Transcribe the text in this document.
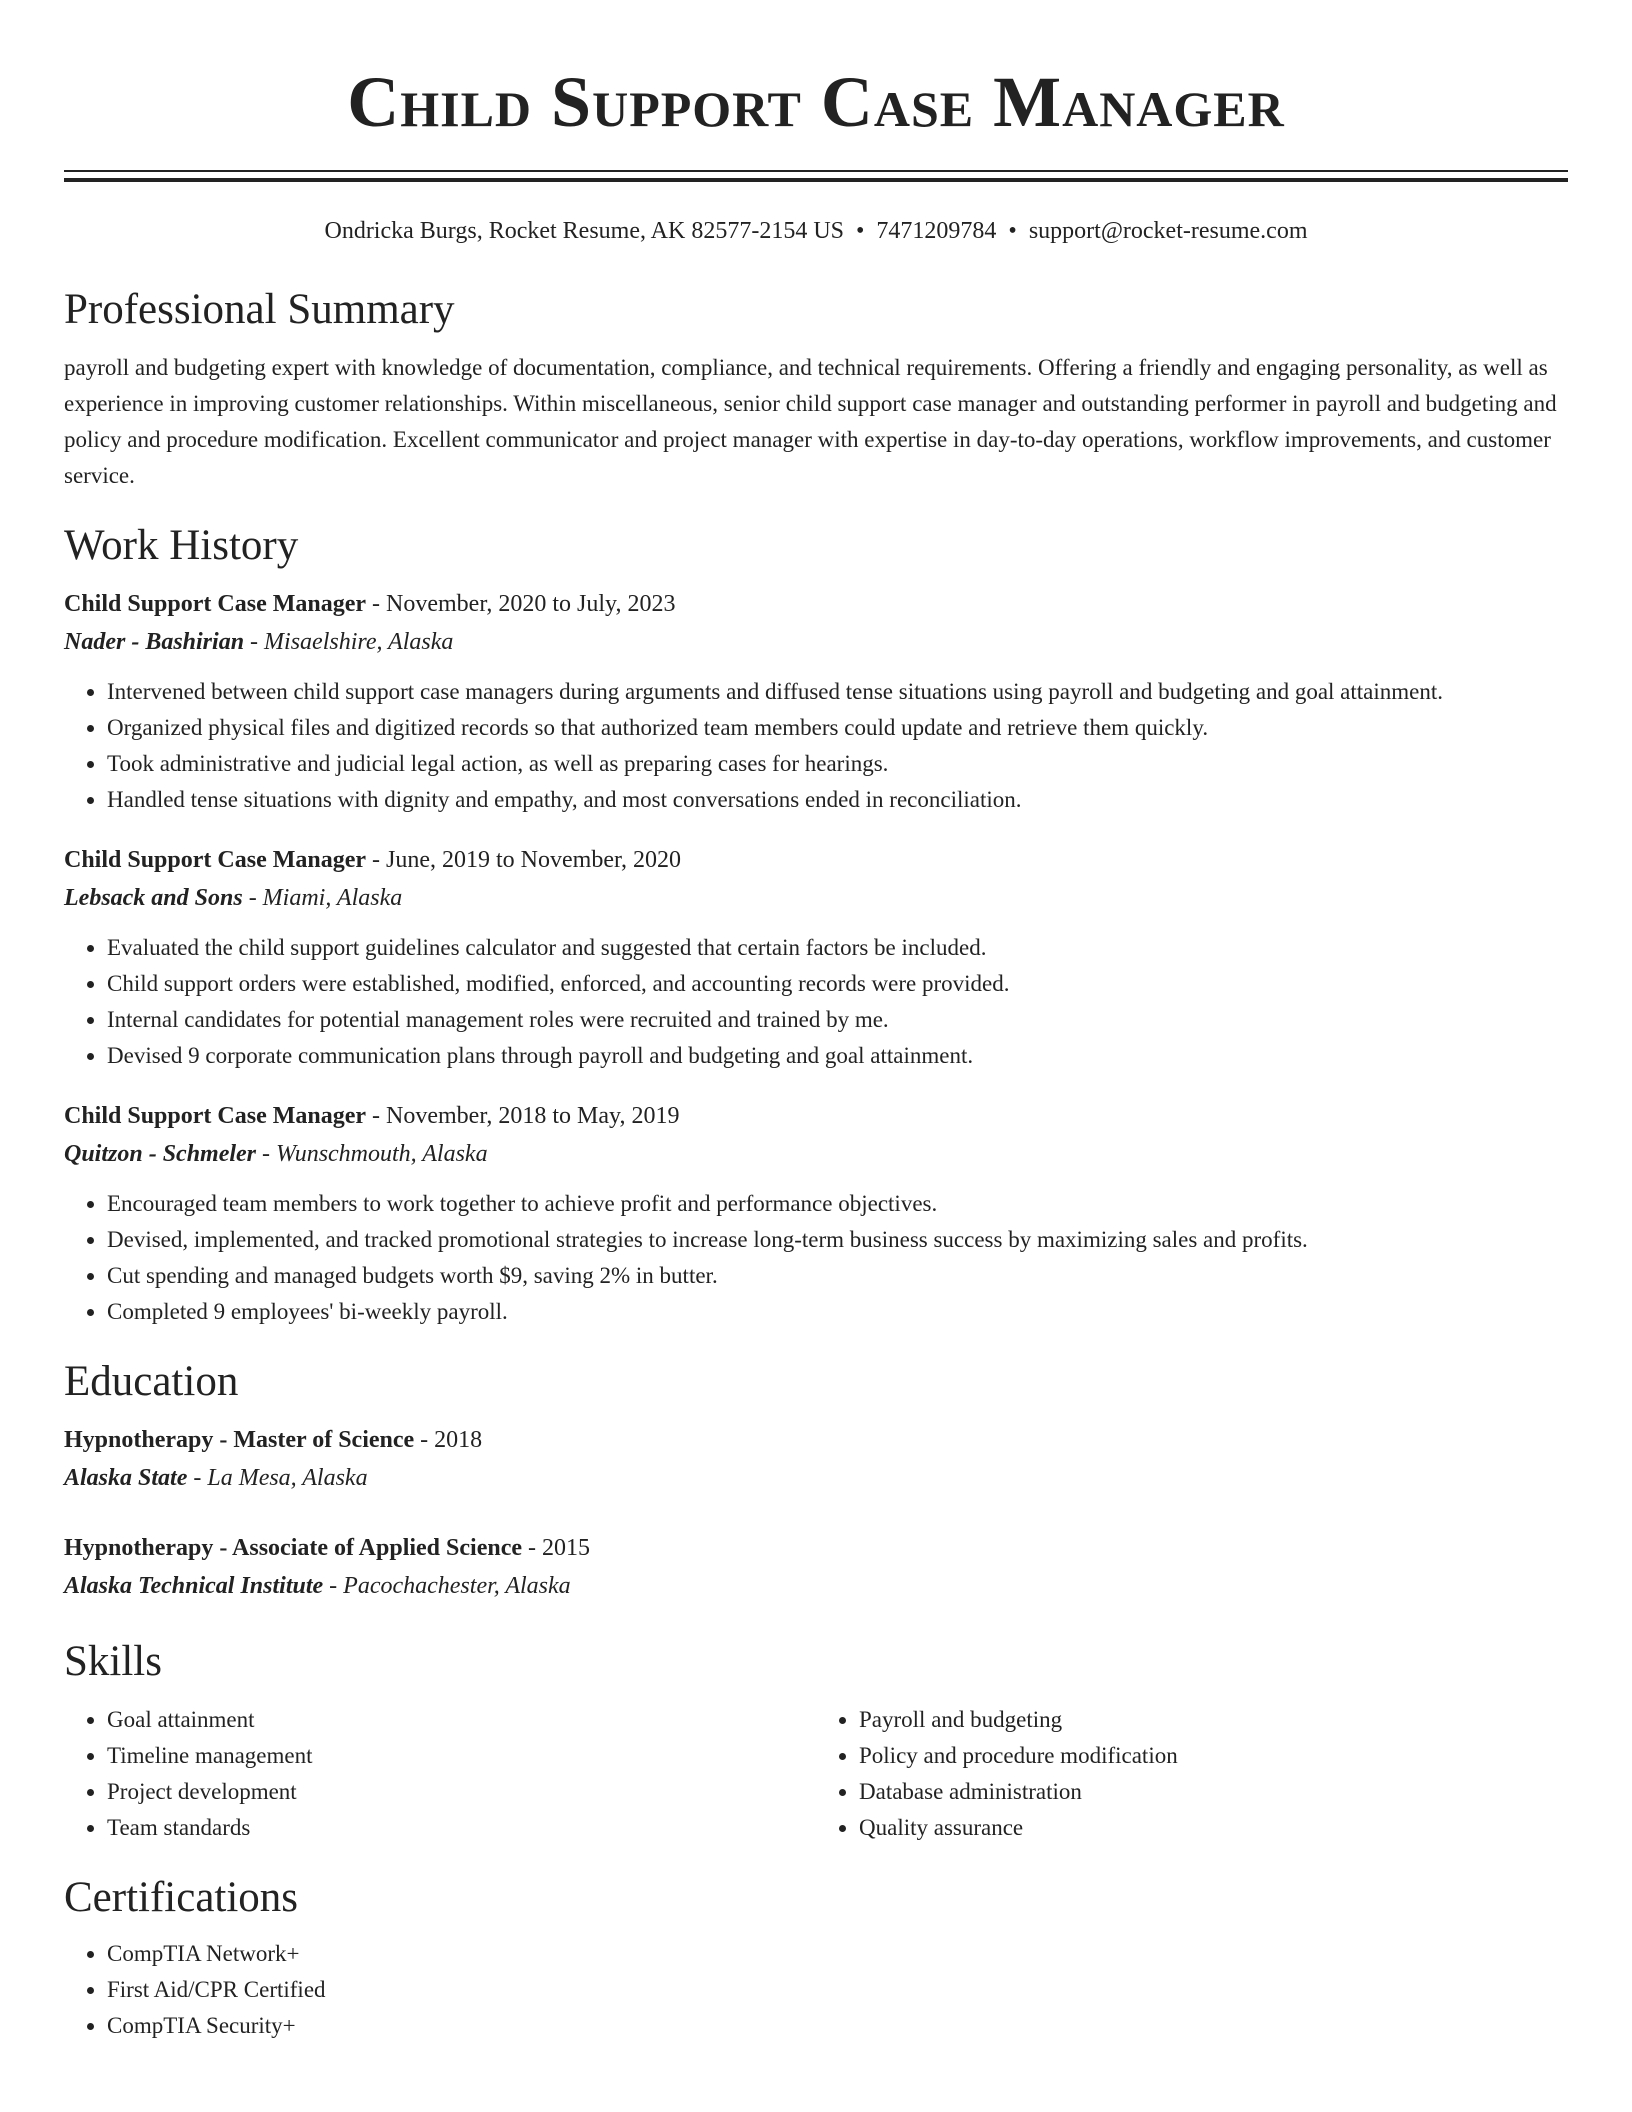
Child Support Case Manager
Ondricka Burgs, Rocket Resume, AK 82577-2154 US • 7471209784 • support@rocket-resume.com
Professional Summary

payroll and budgeting expert with knowledge of documentation, compliance, and technical requirements. Offering a friendly and engaging personality, as well as experience in improving customer relationships. Within miscellaneous, senior child support case manager and outstanding performer in payroll and budgeting and policy and procedure modification. Excellent communicator and project manager with expertise in day-to-day operations, workflow improvements, and customer service.

Work History
Child Support Case Manager - November, 2020 to July, 2023
Nader - Bashirian - Misaelshire, Alaska
• Intervened between child support case managers during arguments and diffused tense situations using payroll and budgeting and goal attainment.
• Organized physical files and digitized records so that authorized team members could update and retrieve them quickly.
• Took administrative and judicial legal action, as well as preparing cases for hearings.
• Handled tense situations with dignity and empathy, and most conversations ended in reconciliation.
Child Support Case Manager - June, 2019 to November, 2020
Lebsack and Sons - Miami, Alaska
• Evaluated the child support guidelines calculator and suggested that certain factors be included.
• Child support orders were established, modified, enforced, and accounting records were provided.
• Internal candidates for potential management roles were recruited and trained by me.
• Devised 9 corporate communication plans through payroll and budgeting and goal attainment.
Child Support Case Manager - November, 2018 to May, 2019
Quitzon - Schmeler - Wunschmouth, Alaska
• Encouraged team members to work together to achieve profit and performance objectives.
• Devised, implemented, and tracked promotional strategies to increase long-term business success by maximizing sales and profits.
• Cut spending and managed budgets worth $9, saving 2% in butter.
• Completed 9 employees' bi-weekly payroll.
Education
Hypnotherapy - Master of Science - 2018
Alaska State - La Mesa, Alaska
Hypnotherapy - Associate of Applied Science - 2015
Alaska Technical Institute - Pacochachester, Alaska
Skills
• Goal attainment
• Timeline management
• Project development
• Team standards
• Payroll and budgeting
• Policy and procedure modification
• Database administration
• Quality assurance
Certifications
• CompTIA Network+
• First Aid/CPR Certified
• CompTIA Security+
